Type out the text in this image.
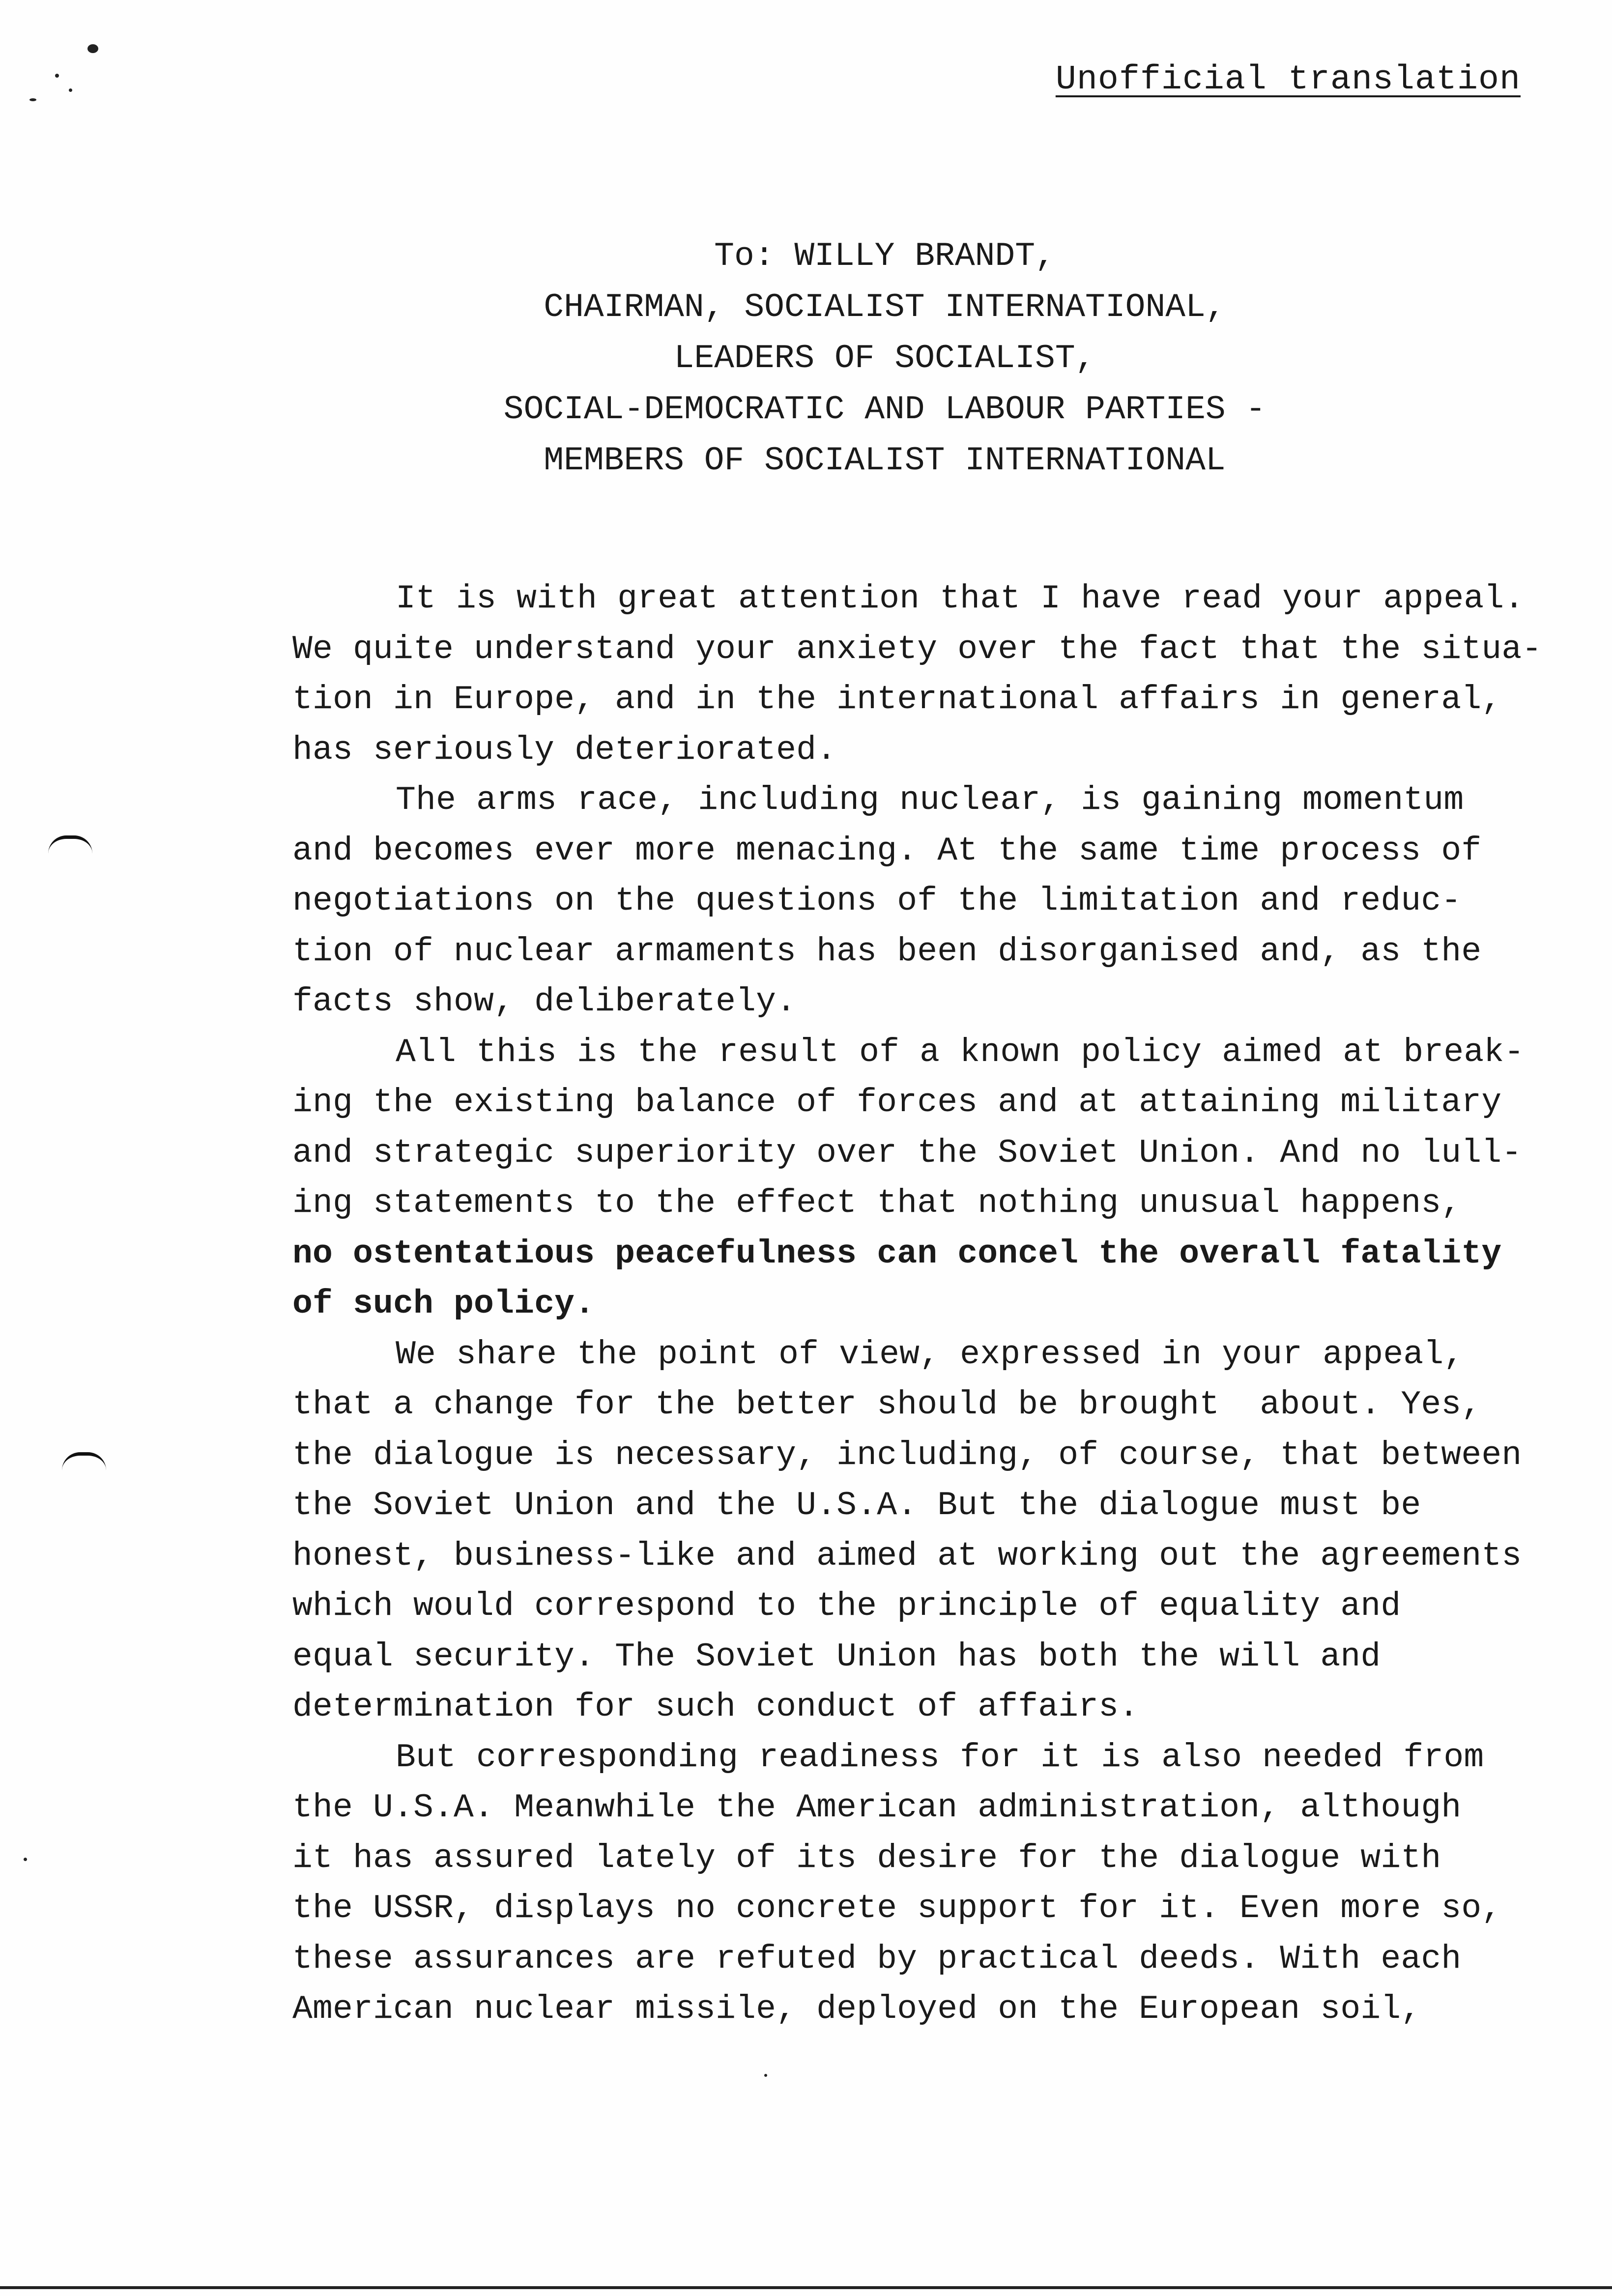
Unofficial translation
To: WILLY BRANDT,
CHAIRMAN, SOCIALIST INTERNATIONAL,
LEADERS OF SOCIALIST,
SOCIAL-DEMOCRATIC AND LABOUR PARTIES -
MEMBERS OF SOCIALIST INTERNATIONAL
It is with great attention that I have read your appeal.
We quite understand your anxiety over the fact that the situa-
tion in Europe, and in the international affairs in general,
has seriously deteriorated.
The arms race, including nuclear, is gaining momentum
and becomes ever more menacing. At the same time process of
negotiations on the questions of the limitation and reduc-
tion of nuclear armaments has been disorganised and, as the
facts show, deliberately.
All this is the result of a known policy aimed at break-
ing the existing balance of forces and at attaining military
and strategic superiority over the Soviet Union. And no lull-
ing statements to the effect that nothing unusual happens,
no ostentatious peacefulness can concel the overall fatality
of such policy.
We share the point of view, expressed in your appeal,
that a change for the better should be brought  about. Yes,
the dialogue is necessary, including, of course, that between
the Soviet Union and the U.S.A. But the dialogue must be
honest, business-like and aimed at working out the agreements
which would correspond to the principle of equality and
equal security. The Soviet Union has both the will and
determination for such conduct of affairs.
But corresponding readiness for it is also needed from
the U.S.A. Meanwhile the American administration, although
it has assured lately of its desire for the dialogue with
the USSR, displays no concrete support for it. Even more so,
these assurances are refuted by practical deeds. With each
American nuclear missile, deployed on the European soil,
